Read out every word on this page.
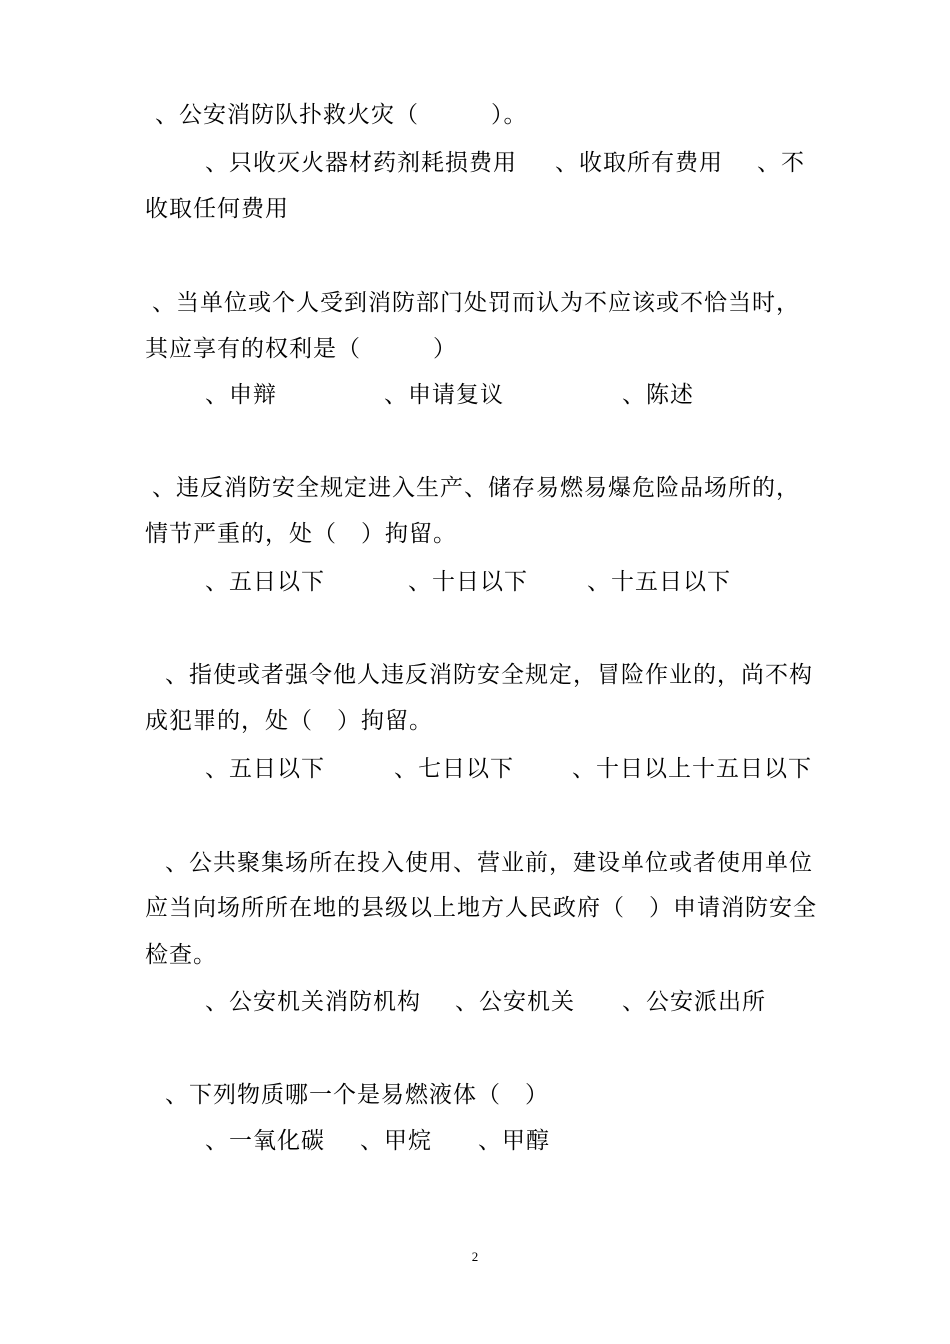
、公安消防队扑救火灾（　　　）。
、只收灭火器材药剂耗损费用 、收取所有费用 、不
收取任何费用
、当单位或个人受到消防部门处罚而认为不应该或不恰当时，
其应享有的权利是（　　　）
、申辩	、申请复议	、陈述
、违反消防安全规定进入生产、储存易燃易爆危险品场所的，
情节严重的，处（　）拘留。
、五日以下	、十日以下	、十五日以下
、指使或者强令他人违反消防安全规定，冒险作业的，尚不构
成犯罪的，处（　）拘留。
、五日以下	、七日以下	、十日以上十五日以下
、公共聚集场所在投入使用、营业前，建设单位或者使用单位
应当向场所所在地的县级以上地方人民政府（　）申请消防安全
检查。
、公安机关消防机构 、公安机关 、公安派出所
、下列物质哪一个是易燃液体（　）
、一氧化碳 、甲烷 、甲醇
2
